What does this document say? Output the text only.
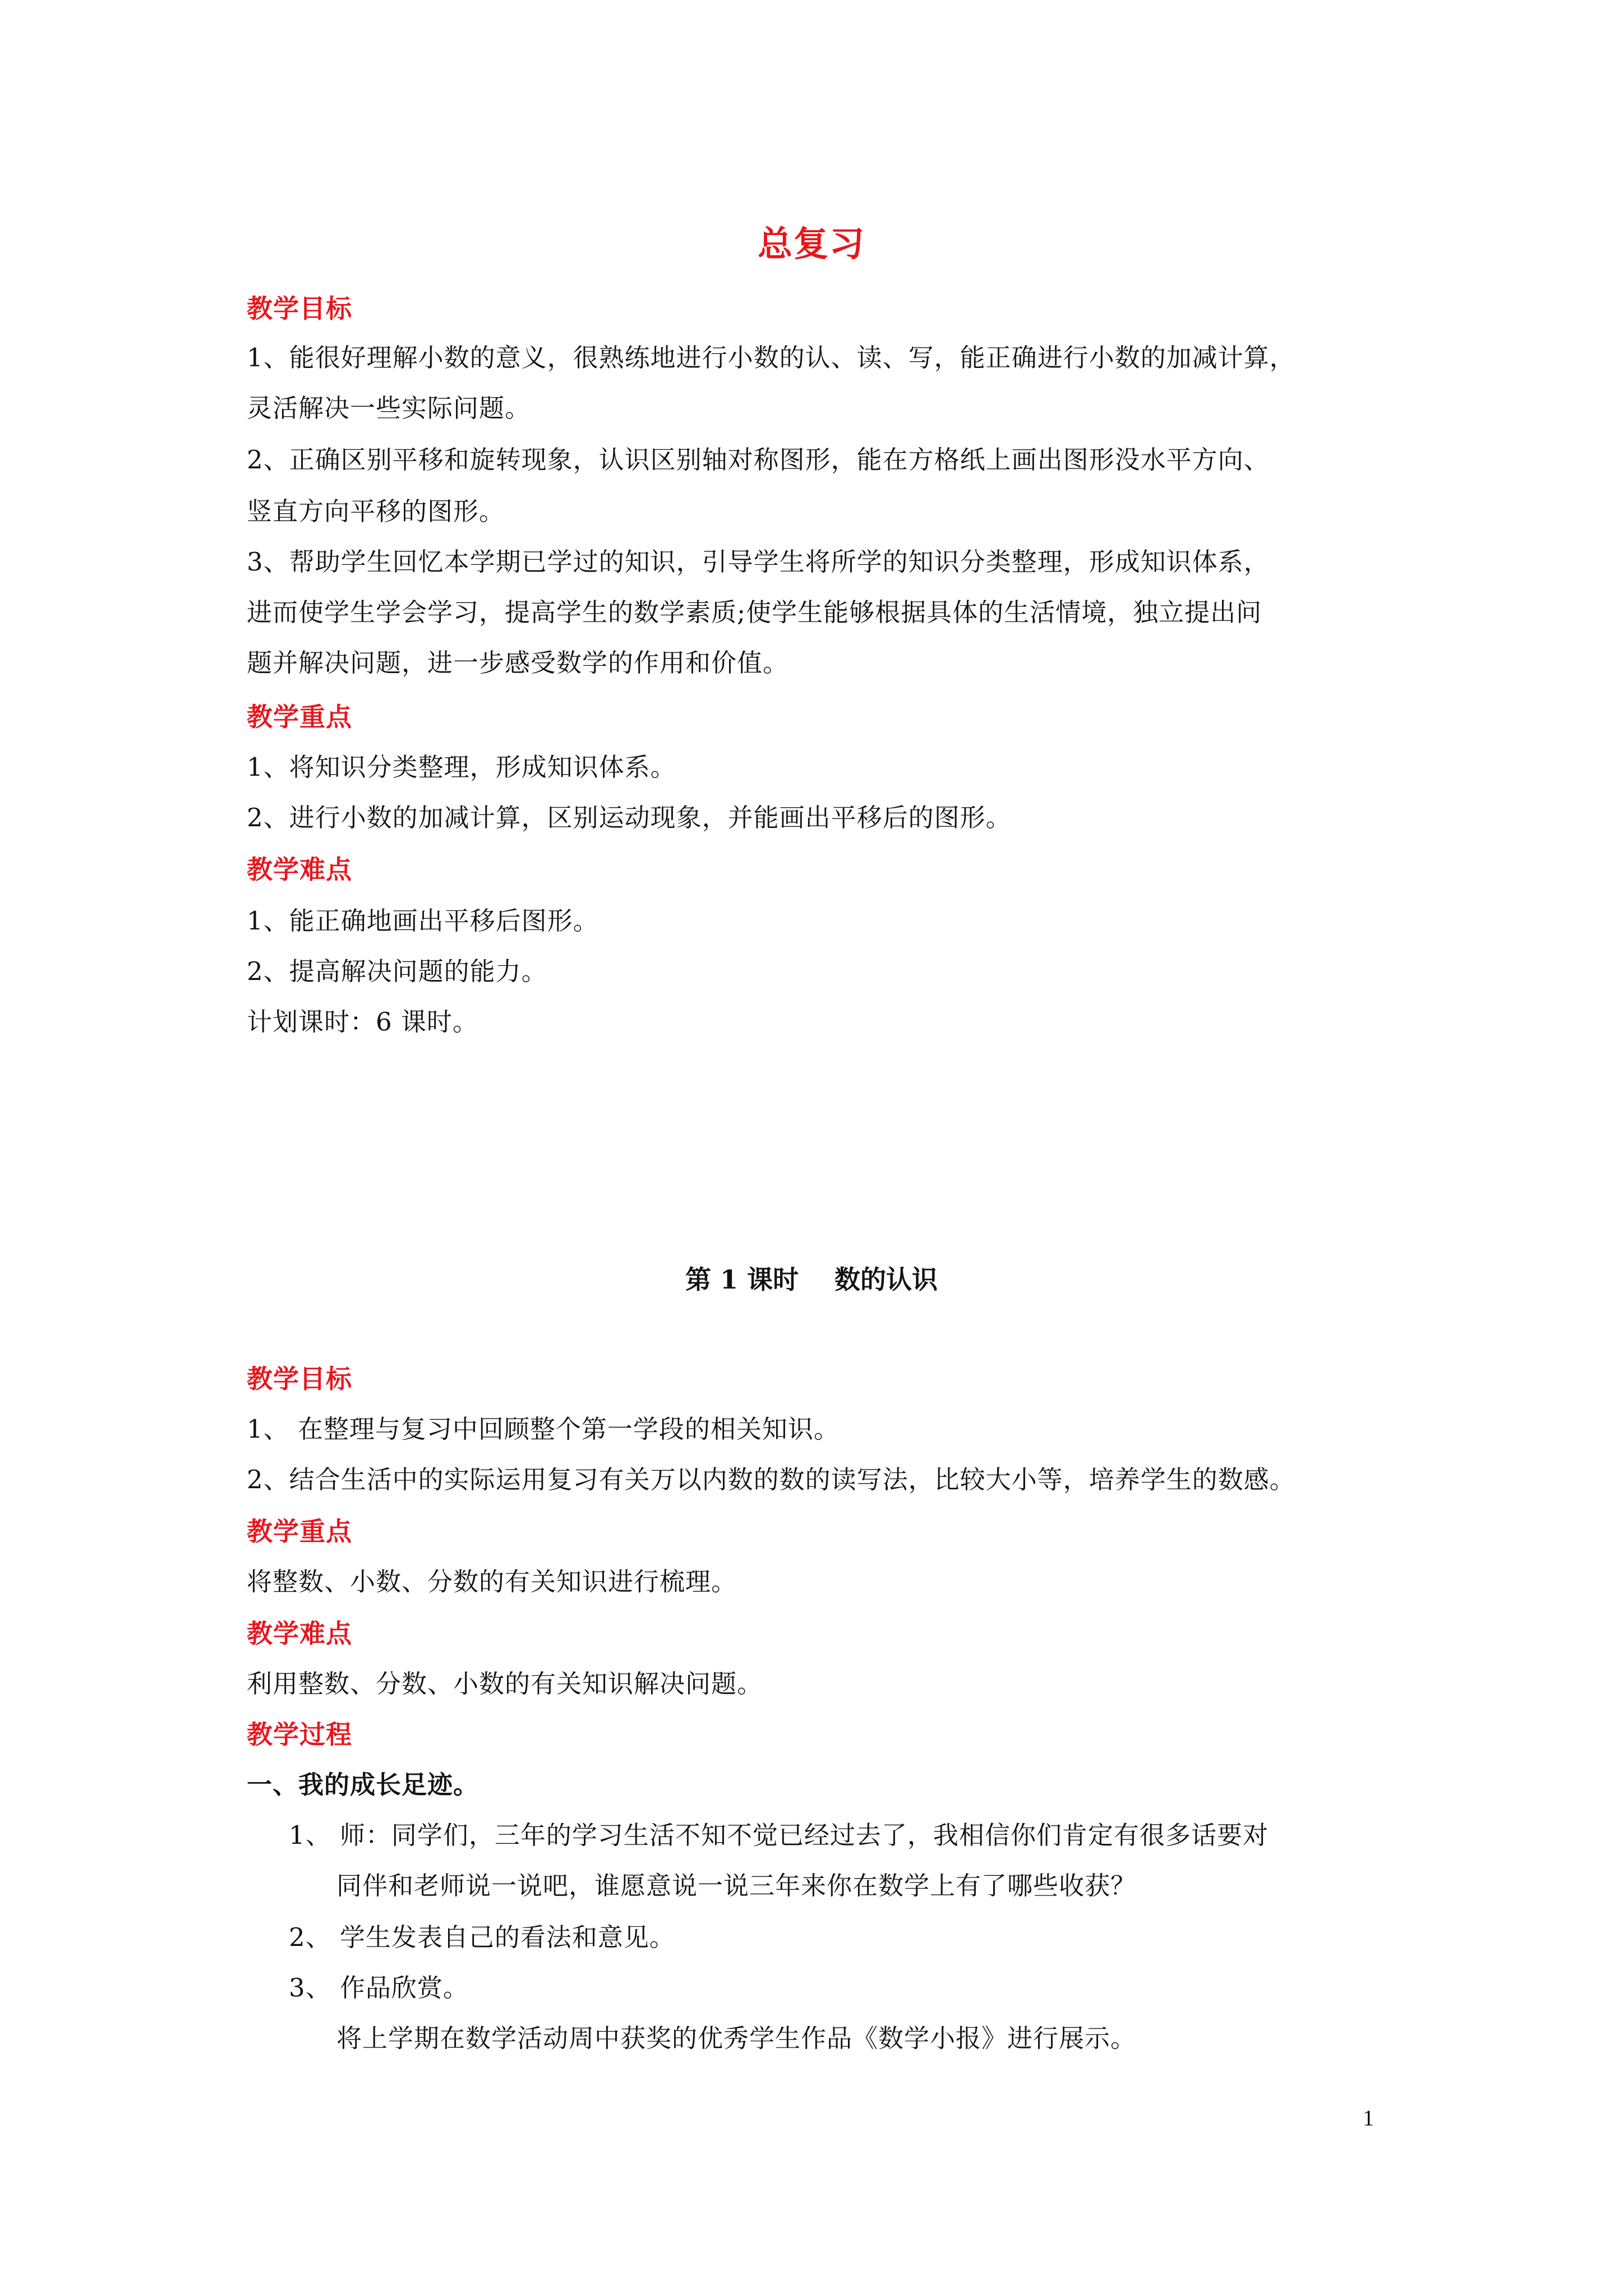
总复习
教学目标
1、能很好理解小数的意义，很熟练地进行小数的认、读、写，能正确进行小数的加减计算，
灵活解决一些实际问题。
2、正确区别平移和旋转现象，认识区别轴对称图形，能在方格纸上画出图形没水平方向、
竖直方向平移的图形。
3、帮助学生回忆本学期已学过的知识，引导学生将所学的知识分类整理，形成知识体系，
进而使学生学会学习，提高学生的数学素质;使学生能够根据具体的生活情境，独立提出问
题并解决问题，进一步感受数学的作用和价值。
教学重点
1、将知识分类整理，形成知识体系。
2、进行小数的加减计算，区别运动现象，并能画出平移后的图形。
教学难点
1、能正确地画出平移后图形。
2、提高解决问题的能力。
计划课时：6 课时。
第 1 课时    数的认识
教学目标
1、 在整理与复习中回顾整个第一学段的相关知识。
2、结合生活中的实际运用复习有关万以内数的数的读写法，比较大小等，培养学生的数感。
教学重点
将整数、小数、分数的有关知识进行梳理。
教学难点
利用整数、分数、小数的有关知识解决问题。
教学过程
一、我的成长足迹。
1、 师：同学们，三年的学习生活不知不觉已经过去了，我相信你们肯定有很多话要对
同伴和老师说一说吧，谁愿意说一说三年来你在数学上有了哪些收获？
2、 学生发表自己的看法和意见。
3、 作品欣赏。
将上学期在数学活动周中获奖的优秀学生作品《数学小报》进行展示。
1
